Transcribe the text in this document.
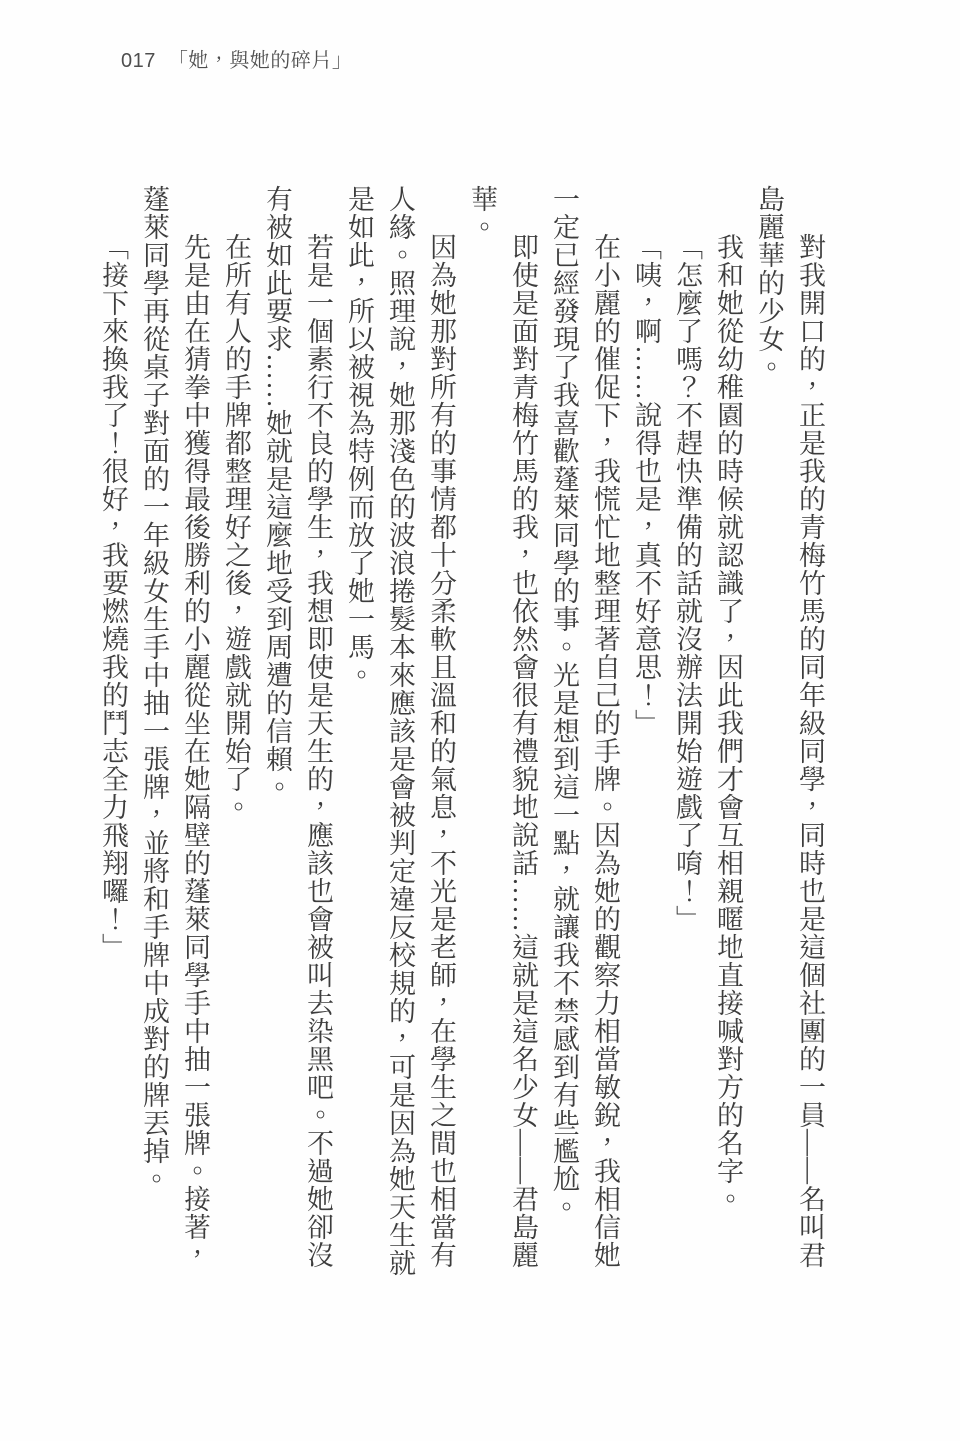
017 「她，與她的碎片」

對我開口的，正是我的青梅竹馬的同年級同學，同時也是這個社團的一員——名叫君島麗華的少女。

我和她從幼稚園的時候就認識了，因此我們才會互相親暱地直接喊對方的名字。

「怎麼了嗎？不趕快準備的話就沒辦法開始遊戲了唷！」

「咦，啊……說得也是，真不好意思！」

在小麗的催促下，我慌忙地整理著自己的手牌。因為她的觀察力相當敏銳，我相信她一定已經發現了我喜歡蓬萊同學的事。光是想到這一點，就讓我不禁感到有些尷尬。

即使是面對青梅竹馬的我，也依然會很有禮貌地說話……這就是這名少女——君島麗華。

因為她那對所有的事情都十分柔軟且溫和的氣息，不光是老師，在學生之間也相當有人緣。照理說，她那淺色的波浪捲髮本來應該是會被判定違反校規的，可是因為她天生就是如此，所以被視為特例而放了她一馬。

若是一個素行不良的學生，我想即使是天生的，應該也會被叫去染黑吧。不過她卻沒有被如此要求……她就是這麼地受到周遭的信賴。

在所有人的手牌都整理好之後，遊戲就開始了。

先是由在猜拳中獲得最後勝利的小麗從坐在她隔壁的蓬萊同學手中抽一張牌。接著，蓬萊同學再從桌子對面的一年級女生手中抽一張牌，並將和手牌中成對的牌丟掉。

「接下來換我了！很好，我要燃燒我的鬥志全力飛翔囉！」
